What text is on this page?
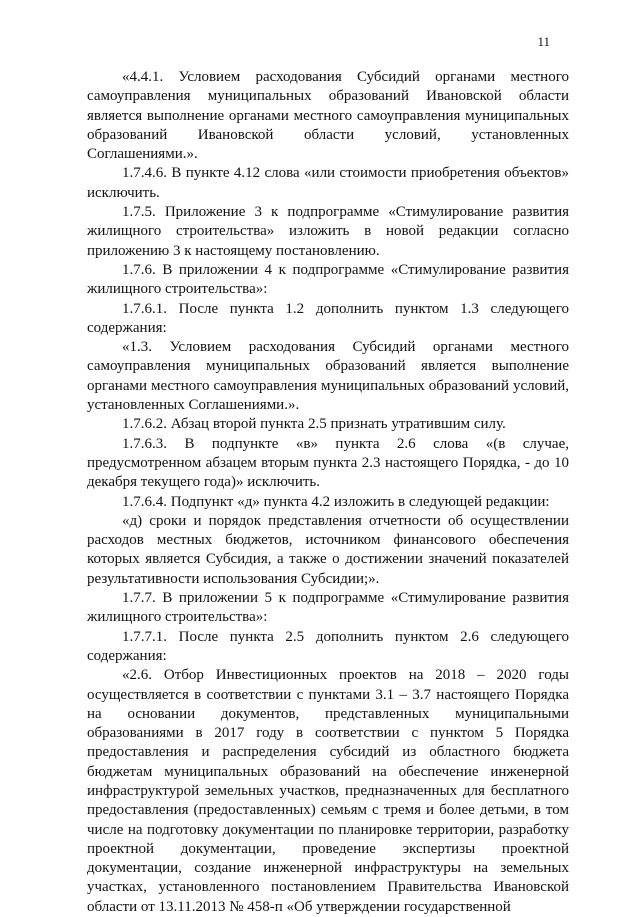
11

«4.4.1. Условием расходования Субсидий органами местного самоуправления муниципальных образований Ивановской области является выполнение органами местного самоуправления муниципальных образований Ивановской области условий, установленных Соглашениями.».

1.7.4.6. В пункте 4.12 слова «или стоимости приобретения объектов» исключить.

1.7.5. Приложение 3 к подпрограмме «Стимулирование развития жилищного строительства» изложить в новой редакции согласно приложению 3 к настоящему постановлению.

1.7.6. В приложении 4 к подпрограмме «Стимулирование развития жилищного строительства»:

1.7.6.1. После пункта 1.2 дополнить пунктом 1.3 следующего содержания:

«1.3. Условием расходования Субсидий органами местного самоуправления муниципальных образований является выполнение органами местного самоуправления муниципальных образований условий, установленных Соглашениями.».

1.7.6.2. Абзац второй пункта 2.5 признать утратившим силу.

1.7.6.3. В подпункте «в» пункта 2.6 слова «(в случае, предусмотренном абзацем вторым пункта 2.3 настоящего Порядка, - до 10 декабря текущего года)» исключить.

1.7.6.4. Подпункт «д» пункта 4.2 изложить в следующей редакции:

«д) сроки и порядок представления отчетности об осуществлении расходов местных бюджетов, источником финансового обеспечения которых является Субсидия, а также о достижении значений показателей результативности использования Субсидии;».

1.7.7. В приложении 5 к подпрограмме «Стимулирование развития жилищного строительства»:

1.7.7.1. После пункта 2.5 дополнить пунктом 2.6 следующего содержания:

«2.6. Отбор Инвестиционных проектов на 2018 – 2020 годы осуществляется в соответствии с пунктами 3.1 – 3.7 настоящего Порядка на основании документов, представленных муниципальными образованиями в 2017 году в соответствии с пунктом 5 Порядка предоставления и распределения субсидий из областного бюджета бюджетам муниципальных образований на обеспечение инженерной инфраструктурой земельных участков, предназначенных для бесплатного предоставления (предоставленных) семьям с тремя и более детьми, в том числе на подготовку документации по планировке территории, разработку проектной документации, проведение экспертизы проектной документации, создание инженерной инфраструктуры на земельных участках, установленного постановлением Правительства Ивановской области от 13.11.2013 № 458-п «Об утверждении государственной
